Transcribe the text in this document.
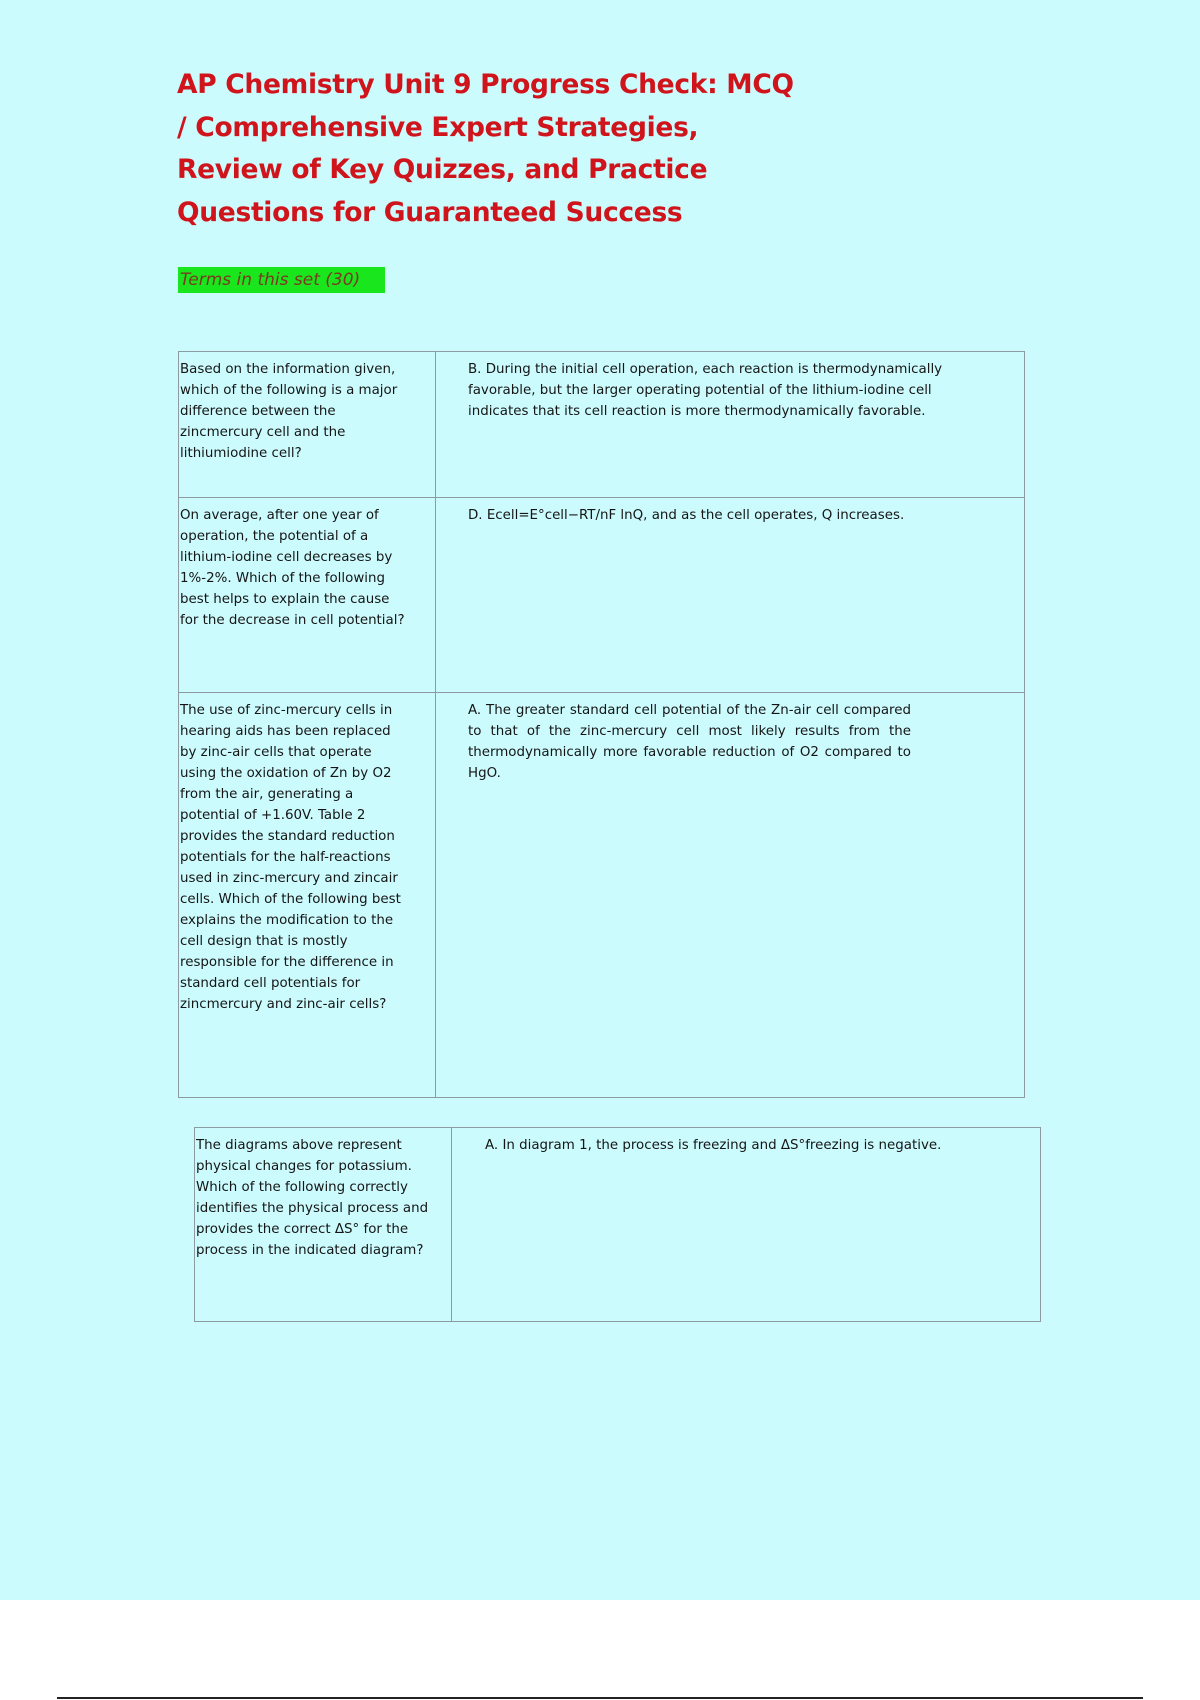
AP Chemistry Unit 9 Progress Check: MCQ / Comprehensive Expert Strategies, Review of Key Quizzes, and Practice Questions for Guaranteed Success
Terms in this set (30)
Based on the information given, which of the following is a major difference between the zincmercury cell and the lithiumiodine cell?
B. During the initial cell operation, each reaction is thermodynamically favorable, but the larger operating potential of the lithium-iodine cell indicates that its cell reaction is more thermodynamically favorable.
On average, after one year of operation, the potential of a lithium-iodine cell decreases by 1%-2%. Which of the following best helps to explain the cause for the decrease in cell potential?
D. Ecell=E°cell−RT/nF lnQ, and as the cell operates, Q increases.
The use of zinc-mercury cells in hearing aids has been replaced by zinc-air cells that operate using the oxidation of Zn by O2 from the air, generating a potential of +1.60V. Table 2 provides the standard reduction potentials for the half-reactions used in zinc-mercury and zincair cells. Which of the following best explains the modification to the cell design that is mostly responsible for the difference in standard cell potentials for zincmercury and zinc-air cells?
A. The greater standard cell potential of the Zn-air cell compared to that of the zinc-mercury cell most likely results from the thermodynamically more favorable reduction of O2 compared to HgO.
The diagrams above represent physical changes for potassium. Which of the following correctly identifies the physical process and provides the correct ΔS° for the process in the indicated diagram?
A. In diagram 1, the process is freezing and ΔS°freezing is negative.
